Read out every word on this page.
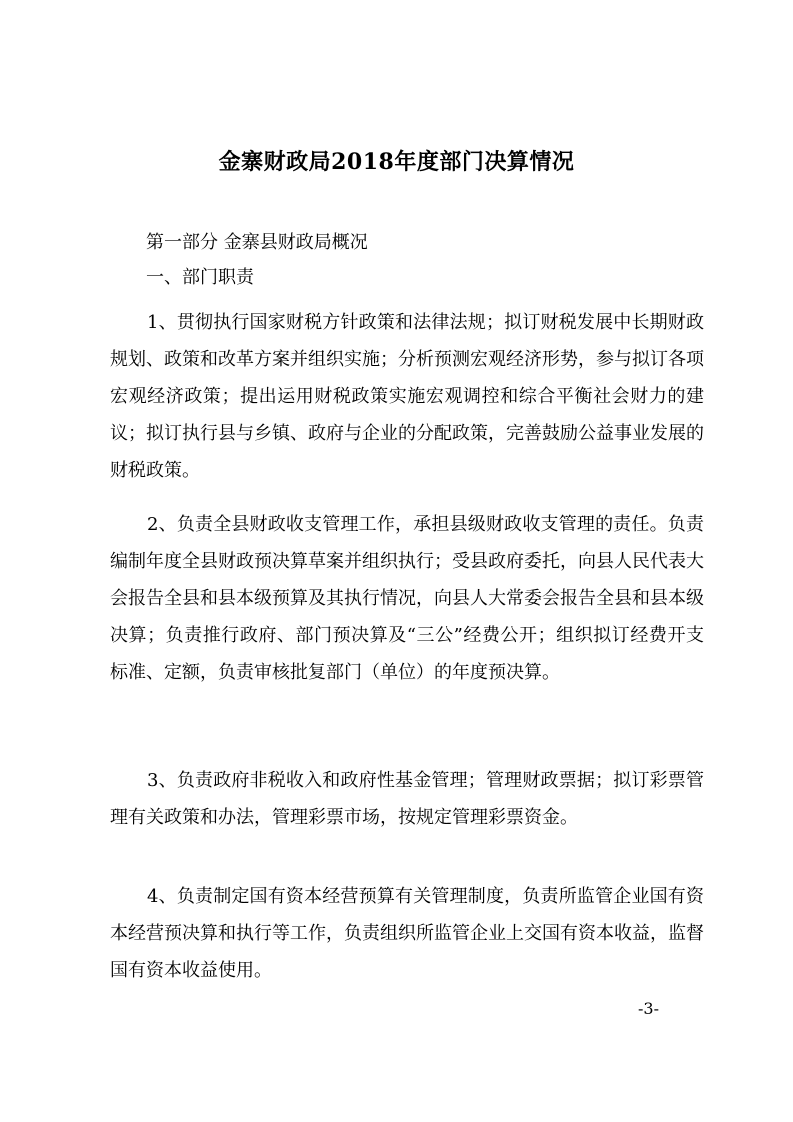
金寨财政局2018年度部门决算情况

第一部分 金寨县财政局概况

一、部门职责

1、贯彻执行国家财税方针政策和法律法规；拟订财税发展中长期财政规划、政策和改革方案并组织实施；分析预测宏观经济形势，参与拟订各项宏观经济政策；提出运用财税政策实施宏观调控和综合平衡社会财力的建议；拟订执行县与乡镇、政府与企业的分配政策，完善鼓励公益事业发展的财税政策。

2、负责全县财政收支管理工作，承担县级财政收支管理的责任。负责编制年度全县财政预决算草案并组织执行；受县政府委托，向县人民代表大会报告全县和县本级预算及其执行情况，向县人大常委会报告全县和县本级决算；负责推行政府、部门预决算及“三公”经费公开；组织拟订经费开支标准、定额，负责审核批复部门（单位）的年度预决算。

3、负责政府非税收入和政府性基金管理；管理财政票据；拟订彩票管理有关政策和办法，管理彩票市场，按规定管理彩票资金。

4、负责制定国有资本经营预算有关管理制度，负责所监管企业国有资本经营预决算和执行等工作，负责组织所监管企业上交国有资本收益，监督国有资本收益使用。

-3-
